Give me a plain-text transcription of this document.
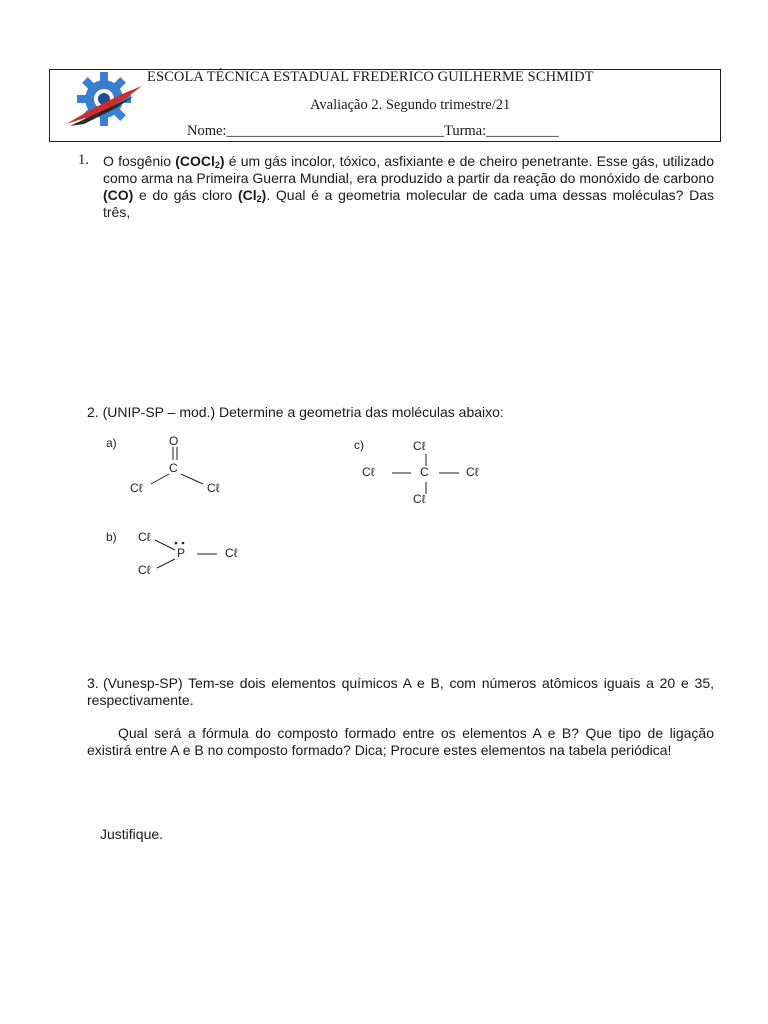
ESCOLA TÉCNICA ESTADUAL FREDERICO GUILHERME SCHMIDT
Avaliação 2. Segundo trimestre/21
Nome:______________________________Turma:__________
1. O fosgênio (COCl$_2$) é um gás incolor, tóxico, asfixiante e de cheiro penetrante. Esse gás, utilizado como arma na Primeira Guerra Mundial, era produzido a partir da reação do monóxido de carbono (CO) e do gás cloro $(Cl_2)$. Qual é a geometria molecular de cada uma dessas moléculas? Das três,

2. (UNIP-SP – mod.) Determine a geometria das moléculas abaixo:
a)	O
C
Cℓ	Cℓ
c)	Cℓ
C
Cℓ	Cℓ
Cℓ
b) Cℓ
P
Cℓ
Cℓ
3. (Vunesp-SP) Tem-se dois elementos químicos A e B, com números atômicos iguais a 20 e 35, respectivamente.

Qual será a fórmula do composto formado entre os elementos A e B? Que tipo de ligação existirá entre A e B no composto formado? Dica; Procure estes elementos na tabela periódica!

Justifique.
